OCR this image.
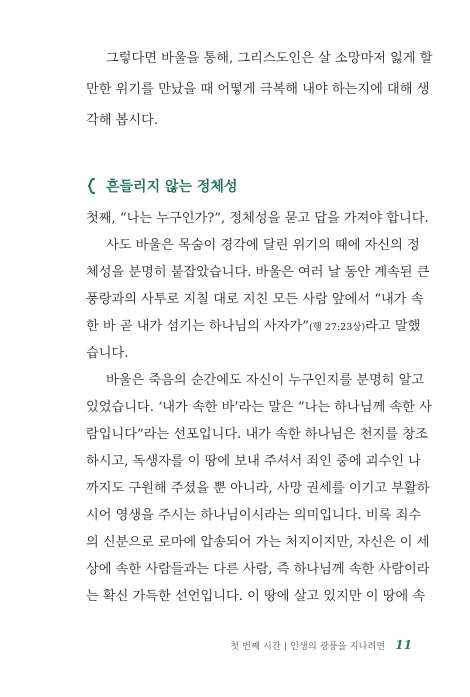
그렇다면 바울을 통해, 그리스도인은 살 소망마저 잃게 할
만한 위기를 만났을 때 어떻게 극복해 내야 하는지에 대해 생
각해 봅시다.
흔들리지 않는 정체성
첫째, “나는 누구인가?”, 정체성을 묻고 답을 가져야 합니다.
사도 바울은 목숨이 경각에 달린 위기의 때에 자신의 정
체성을 분명히 붙잡았습니다. 바울은 여러 날 동안 계속된 큰
풍랑과의 사투로 지칠 대로 지친 모든 사람 앞에서 “내가 속
한 바 곧 내가 섬기는 하나님의 사자가”(행 27:23상)라고 말했
습니다.
바울은 죽음의 순간에도 자신이 누구인지를 분명히 알고
있었습니다. ‘내가 속한 바’라는 말은 “나는 하나님께 속한 사
람입니다”라는 선포입니다. 내가 속한 하나님은 천지를 창조
하시고, 독생자를 이 땅에 보내 주셔서 죄인 중에 괴수인 나
까지도 구원해 주셨을 뿐 아니라, 사망 권세를 이기고 부활하
시어 영생을 주시는 하나님이시라는 의미입니다. 비록 죄수
의 신분으로 로마에 압송되어 가는 처지이지만, 자신은 이 세
상에 속한 사람들과는 다른 사람, 즉 하나님께 속한 사람이라
는 확신 가득한 선언입니다. 이 땅에 살고 있지만 이 땅에 속
첫 번째 시간 | 인생의 광풍을 지나려면 11
